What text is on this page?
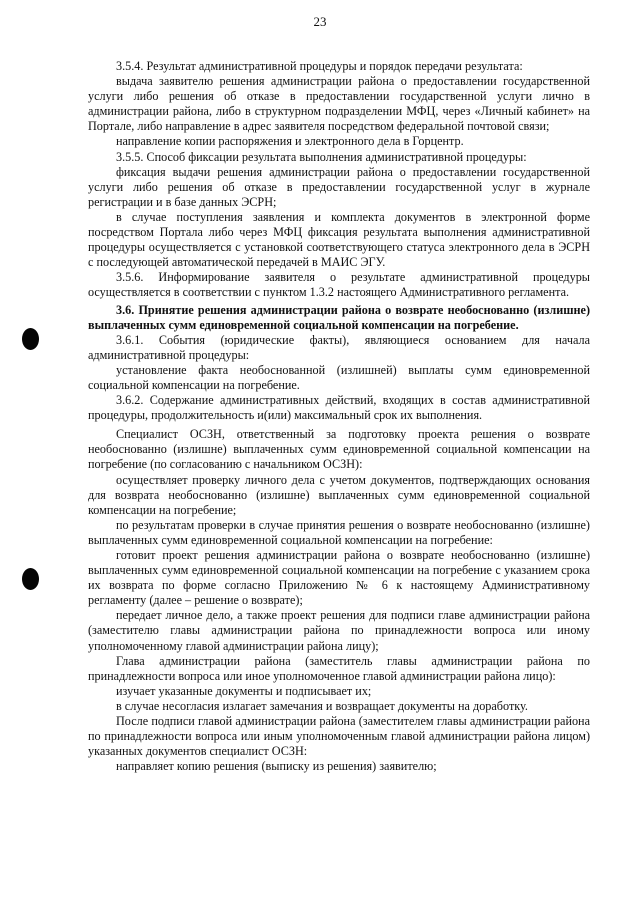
23

3.5.4. Результат административной процедуры и порядок передачи результата:

выдача заявителю решения администрации района о предоставлении государственной услуги либо решения об отказе в предоставлении государственной услуги лично в администрации района, либо в структурном подразделении МФЦ, через «Личный кабинет» на Портале, либо направление в адрес заявителя посредством федеральной почтовой связи;

направление копии распоряжения и электронного дела в Горцентр.

3.5.5. Способ фиксации результата выполнения административной процедуры:

фиксация выдачи решения администрации района о предоставлении государственной услуги либо решения об отказе в предоставлении государственной услуг в журнале регистрации и в базе данных ЭСРН;

в случае поступления заявления и комплекта документов в электронной форме посредством Портала либо через МФЦ фиксация результата выполнения административной процедуры осуществляется с установкой соответствующего статуса электронного дела в ЭСРН с последующей автоматической передачей в МАИС ЭГУ.

3.5.6. Информирование заявителя о результате административной процедуры осуществляется в соответствии с пунктом 1.3.2 настоящего Административного регламента.

3.6. Принятие решения администрации района о возврате необоснованно (излишне) выплаченных сумм единовременной социальной компенсации на погребение.

3.6.1. События (юридические факты), являющиеся основанием для начала административной процедуры:

установление факта необоснованной (излишней) выплаты сумм единовременной социальной компенсации на погребение.

3.6.2. Содержание административных действий, входящих в состав административной процедуры, продолжительность и(или) максимальный срок их выполнения.

Специалист ОСЗН, ответственный за подготовку проекта решения о возврате необоснованно (излишне) выплаченных сумм единовременной социальной компенсации на погребение (по согласованию с начальником ОСЗН):

осуществляет проверку личного дела с учетом документов, подтверждающих основания для возврата необоснованно (излишне) выплаченных сумм единовременной социальной компенсации на погребение;

по результатам проверки в случае принятия решения о возврате необоснованно (излишне) выплаченных сумм единовременной социальной компенсации на погребение:

готовит проект решения администрации района о возврате необоснованно (излишне) выплаченных сумм единовременной социальной компенсации на погребение с указанием срока их возврата по форме согласно Приложению № 6 к настоящему Административному регламенту (далее – решение о возврате);

передает личное дело, а также проект решения для подписи главе администрации района (заместителю главы администрации района по принадлежности вопроса или иному уполномоченному главой администрации района лицу);

Глава администрации района (заместитель главы администрации района по принадлежности вопроса или иное уполномоченное главой администрации района лицо):

изучает указанные документы и подписывает их;

в случае несогласия излагает замечания и возвращает документы на доработку.

После подписи главой администрации района (заместителем главы администрации района по принадлежности вопроса или иным уполномоченным главой администрации района лицом) указанных документов специалист ОСЗН:

направляет копию решения (выписку из решения) заявителю;
